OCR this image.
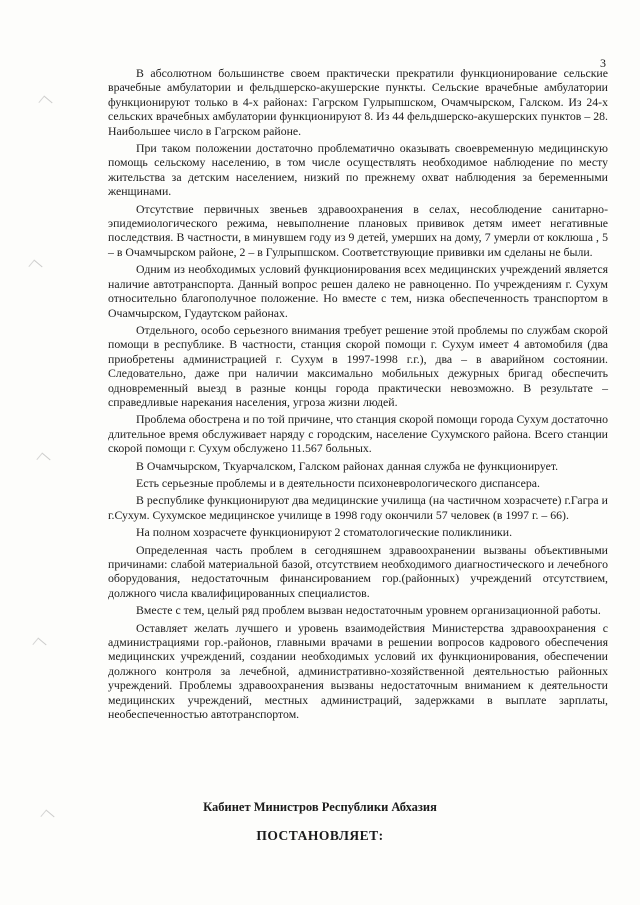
3

В абсолютном большинстве своем практически прекратили функционирование сельские врачебные амбулатории и фельдшерско-акушерские пункты. Сельские врачебные амбулатории функционируют только в 4-х районах: Гагрском Гулрыпшском, Очамчырском, Галском. Из 24-х сельских врачебных амбулатории функционируют 8. Из 44 фельдшерско-акушерских пунктов – 28. Наибольшее число в Гагрском районе.

При таком положении достаточно проблематично оказывать своевременную медицинскую помощь сельскому населению, в том числе осуществлять необходимое наблюдение по месту жительства за детским населением, низкий по прежнему охват наблюдения за беременными женщинами.

Отсутствие первичных звеньев здравоохранения в селах, несоблюдение санитарно-эпидемиологического режима, невыполнение плановых прививок детям имеет негативные последствия. В частности, в минувшем году из 9 детей, умерших на дому, 7 умерли от коклюша , 5 – в Очамчырском районе, 2 – в Гулрыпшском. Соответствующие прививки им сделаны не были.

Одним из необходимых условий функционирования всех медицинских учреждений является наличие автотранспорта. Данный вопрос решен далеко не равноценно. По учреждениям г. Сухум относительно благополучное положение. Но вместе с тем, низка обеспеченность транспортом в Очамчырском, Гудаутском районах.

Отдельного, особо серьезного внимания требует решение этой проблемы по службам скорой помощи в республике. В частности, станция скорой помощи г. Сухум имеет 4 автомобиля (два приобретены администрацией г. Сухум в 1997-1998 г.г.), два – в аварийном состоянии. Следовательно, даже при наличии максимально мобильных дежурных бригад обеспечить одновременный выезд в разные концы города практически невозможно. В результате – справедливые нарекания населения, угроза жизни людей.

Проблема обострена и по той причине, что станция скорой помощи города Сухум достаточно длительное время обслуживает наряду с городским, население Сухумского района. Всего станции скорой помощи г. Сухум обслужено 11.567 больных.

В Очамчырском, Ткуарчалском, Галском районах данная служба не функционирует.

Есть серьезные проблемы и в деятельности психоневрологического диспансера.

В республике функционируют два медицинские училища (на частичном хозрасчете) г.Гагра и г.Сухум. Сухумское медицинское училище в 1998 году окончили 57 человек (в 1997 г. – 66).

На полном хозрасчете функционируют 2 стоматологические поликлиники.

Определенная часть проблем в сегодняшнем здравоохранении вызваны объективными причинами: слабой материальной базой, отсутствием необходимого диагностического и лечебного оборудования, недостаточным финансированием гор.(районных) учреждений отсутствием, должного числа квалифицированных специалистов.

Вместе с тем, целый ряд проблем вызван недостаточным уровнем организационной работы.

Оставляет желать лучшего и уровень взаимодействия Министерства здравоохранения с администрациями гор.-районов, главными врачами в решении вопросов кадрового обеспечения медицинских учреждений, создании необходимых условий их функционирования, обеспечении должного контроля за лечебной, административно-хозяйственной деятельностью районных учреждений. Проблемы здравоохранения вызваны недостаточным вниманием к деятельности медицинских учреждений, местных администраций, задержками в выплате зарплаты, необеспеченностью автотранспортом.

Кабинет Министров Республики Абхазия
ПОСТАНОВЛЯЕТ:
